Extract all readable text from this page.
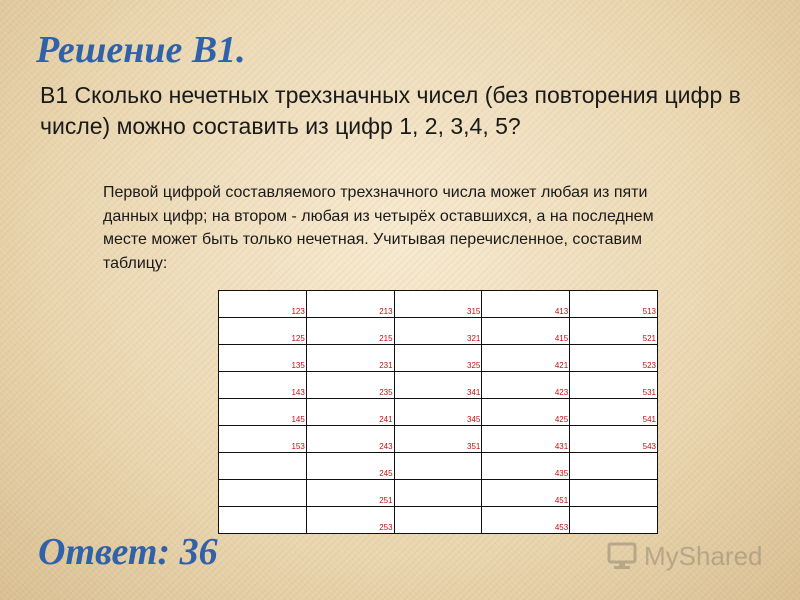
Решение В1.

В1 Сколько нечетных трехзначных чисел (без повторения цифр в числе) можно составить из цифр 1, 2, 3,4, 5?

Первой цифрой составляемого трехзначного числа может любая из пяти данных цифр; на втором - любая из четырёх оставшихся, а на последнем месте может быть только нечетная. Учитывая перечисленное, составим таблицу:

123	213	315	413	513
125	215	321	415	521
135	231	325	421	523
143	235	341	423	531
145	241	345	425	541
153	243	351	431	543
	245		435	
	251		451	
	253		453	

Ответ: 36	MyShared
